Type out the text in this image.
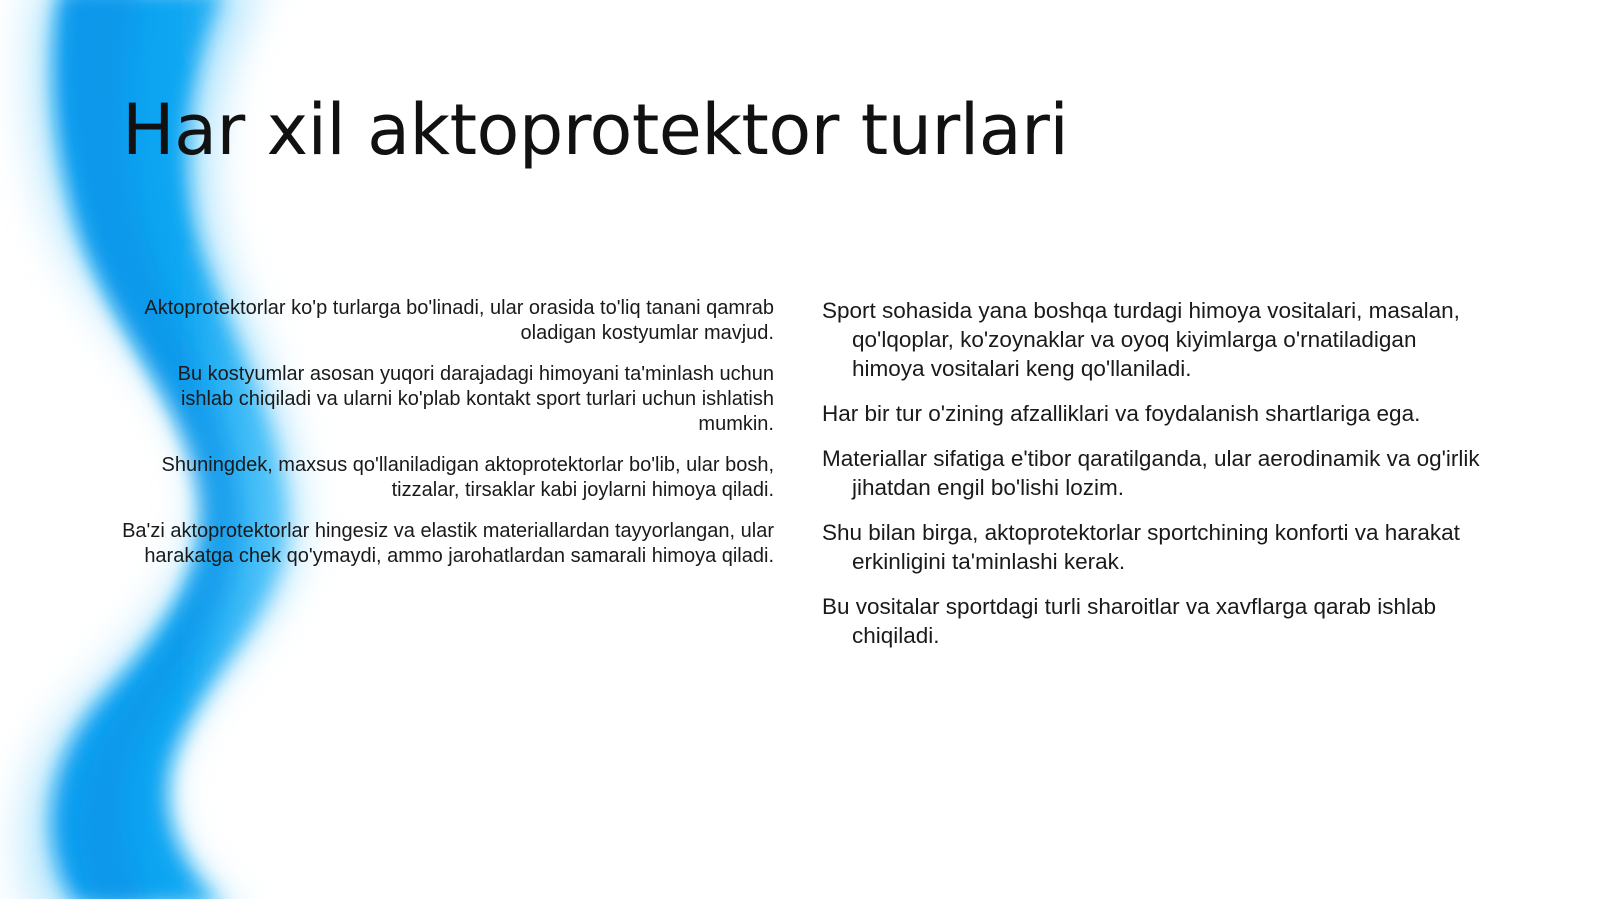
Har xil aktoprotektor turlari

Aktoprotektorlar ko'p turlarga bo'linadi, ular orasida to'liq tanani qamrab oladigan kostyumlar mavjud.

Bu kostyumlar asosan yuqori darajadagi himoyani ta'minlash uchun ishlab chiqiladi va ularni ko'plab kontakt sport turlari uchun ishlatish mumkin.

Shuningdek, maxsus qo'llaniladigan aktoprotektorlar bo'lib, ular bosh, tizzalar, tirsaklar kabi joylarni himoya qiladi.

Ba'zi aktoprotektorlar hingesiz va elastik materiallardan tayyorlangan, ular harakatga chek qo'ymaydi, ammo jarohatlardan samarali himoya qiladi.

Sport sohasida yana boshqa turdagi himoya vositalari, masalan, qo'lqoplar, ko'zoynaklar va oyoq kiyimlarga o'rnatiladigan himoya vositalari keng qo'llaniladi.

Har bir tur o'zining afzalliklari va foydalanish shartlariga ega.

Materiallar sifatiga e'tibor qaratilganda, ular aerodinamik va og'irlik jihatdan engil bo'lishi lozim.

Shu bilan birga, aktoprotektorlar sportchining konforti va harakat erkinligini ta'minlashi kerak.

Bu vositalar sportdagi turli sharoitlar va xavflarga qarab ishlab chiqiladi.
